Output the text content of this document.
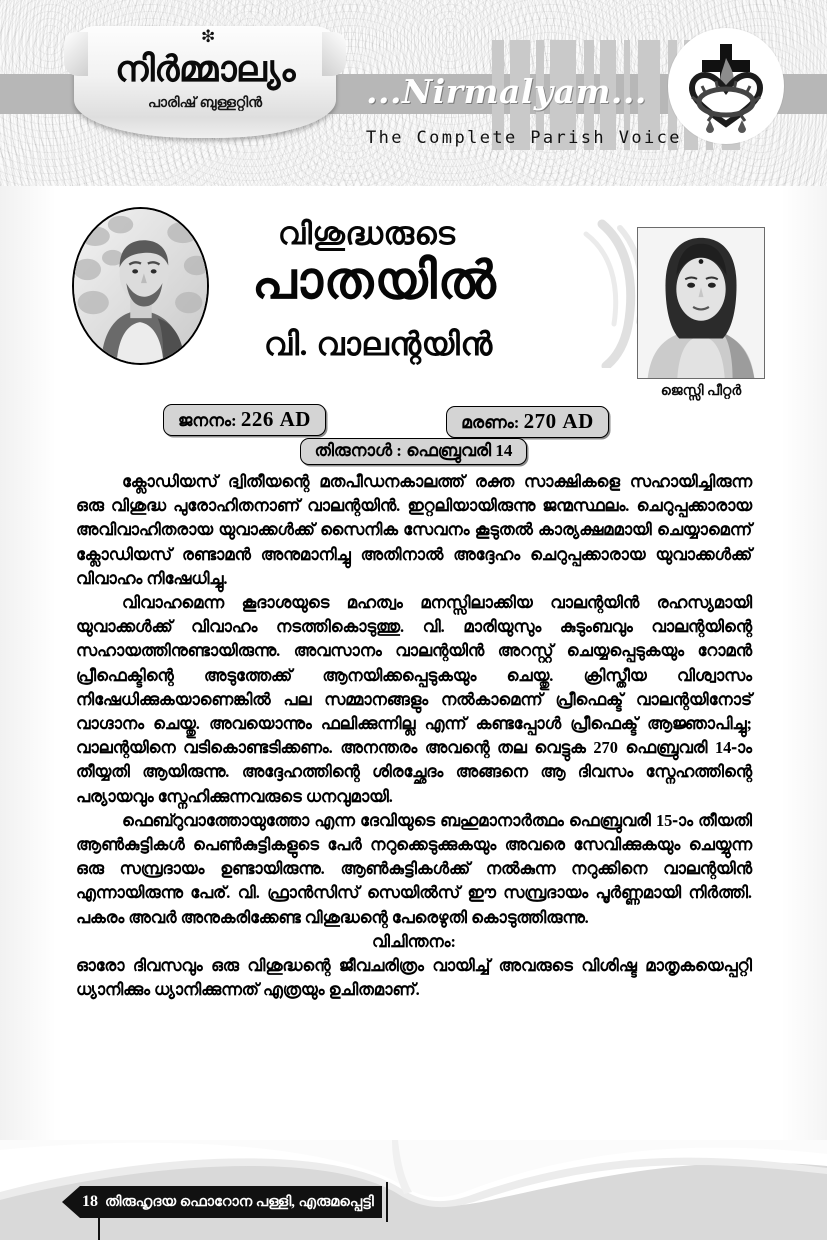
❇
നിർമ്മാല്യം
പാരിഷ് ബുള്ളറ്റിൻ	...Nirmalyam...
The Complete Parish Voice
വിശുദ്ധരുടെ
പാതയിൽ
വി. വാലന്റയിൻ
ജെസ്സി പീറ്റർ
ജനനം: 226 AD	മരണം: 270 AD
തിരുനാൾ : ഫെബ്രുവരി 14

ക്ലോഡിയസ് ദ്വിതീയന്റെ മതപീഡനകാലത്ത് രക്ത സാക്ഷികളെ സഹായിച്ചിരുന്ന ഒരു വിശുദ്ധ പുരോഹിതനാണ് വാലന്റയിൻ. ഇറ്റലിയായിരുന്നു ജന്മസ്ഥലം. ചെറുപ്പക്കാരായ അവിവാഹിതരായ യുവാക്കൾക്ക് സൈനിക സേവനം കൂടുതൽ കാര്യക്ഷമമായി ചെയ്യാമെന്ന് ക്ലോഡിയസ് രണ്ടാമൻ അനുമാനിച്ചു അതിനാൽ അദ്ദേഹം ചെറുപ്പക്കാരായ യുവാക്കൾക്ക് വിവാഹം നിഷേധിച്ചു.

വിവാഹമെന്ന കൂദാശയുടെ മഹത്വം മനസ്സിലാക്കിയ വാലന്റയിൻ രഹസ്യമായി യുവാക്കൾക്ക് വിവാഹം നടത്തികൊടുത്തു. വി. മാരിയുസും കുടുംബവും വാലന്റയിന്റെ സഹായത്തിനുണ്ടായിരുന്നു. അവസാനം വാലന്റയിൻ അറസ്റ്റ് ചെയ്യപ്പെടുകയും റോമൻ പ്രീഫെക്ടിന്റെ അടുത്തേക്ക് ആനയിക്കപ്പെടുകയും ചെയ്തു. ക്രിസ്തീയ വിശ്വാസം നിഷേധിക്കുകയാണെങ്കിൽ പല സമ്മാനങ്ങളും നൽകാമെന്ന് പ്രീഫെക്ട് വാലന്റയിനോട് വാഗ്ദാനം ചെയ്തു. അവയൊന്നും ഫലിക്കുന്നില്ല എന്ന് കണ്ടപ്പോൾ പ്രീഫെക്ട് ആജ്ഞാപിച്ചു; വാലന്റയിനെ വടികൊണ്ടടിക്കണം. അനന്തരം അവന്റെ തല വെട്ടുക 270 ഫെബ്രുവരി 14-ാം തീയ്യതി ആയിരുന്നു. അദ്ദേഹത്തിന്റെ ശിരച്ഛേദം അങ്ങനെ ആ ദിവസം സ്നേഹത്തിന്റെ പര്യായവും സ്നേഹിക്കുന്നവരുടെ ധനവുമായി.

ഫെബ്റുവാത്തോയുത്തോ എന്ന ദേവിയുടെ ബഹുമാനാർത്ഥം ഫെബ്രുവരി 15-ാം തീയതി ആൺകുട്ടികൾ പെൺകുട്ടികളുടെ പേർ നറുക്കെടുക്കുകയും അവരെ സേവിക്കുകയും ചെയ്യുന്ന ഒരു സമ്പ്രദായം ഉണ്ടായിരുന്നു. ആൺകുട്ടികൾക്ക് നൽകുന്ന നറുക്കിനെ വാലന്റയിൻ എന്നായിരുന്നു പേര്. വി. ഫ്രാൻസിസ് സെയിൽസ് ഈ സമ്പ്രദായം പൂർണ്ണമായി നിർത്തി. പകരം അവർ അനുകരിക്കേണ്ട വിശുദ്ധന്റെ പേരെഴുതി കൊടുത്തിരുന്നു.

വിചിന്തനം:

ഓരോ ദിവസവും ഒരു വിശുദ്ധന്റെ ജീവചരിത്രം വായിച്ച് അവരുടെ വിശിഷ്ട മാതൃകയെപ്പറ്റി ധ്യാനിക്കും ധ്യാനിക്കുന്നത് എത്രയും ഉചിതമാണ്.

18 തിരുഹൃദയ ഫൊറോന പള്ളി, എരുമപ്പെട്ടി
